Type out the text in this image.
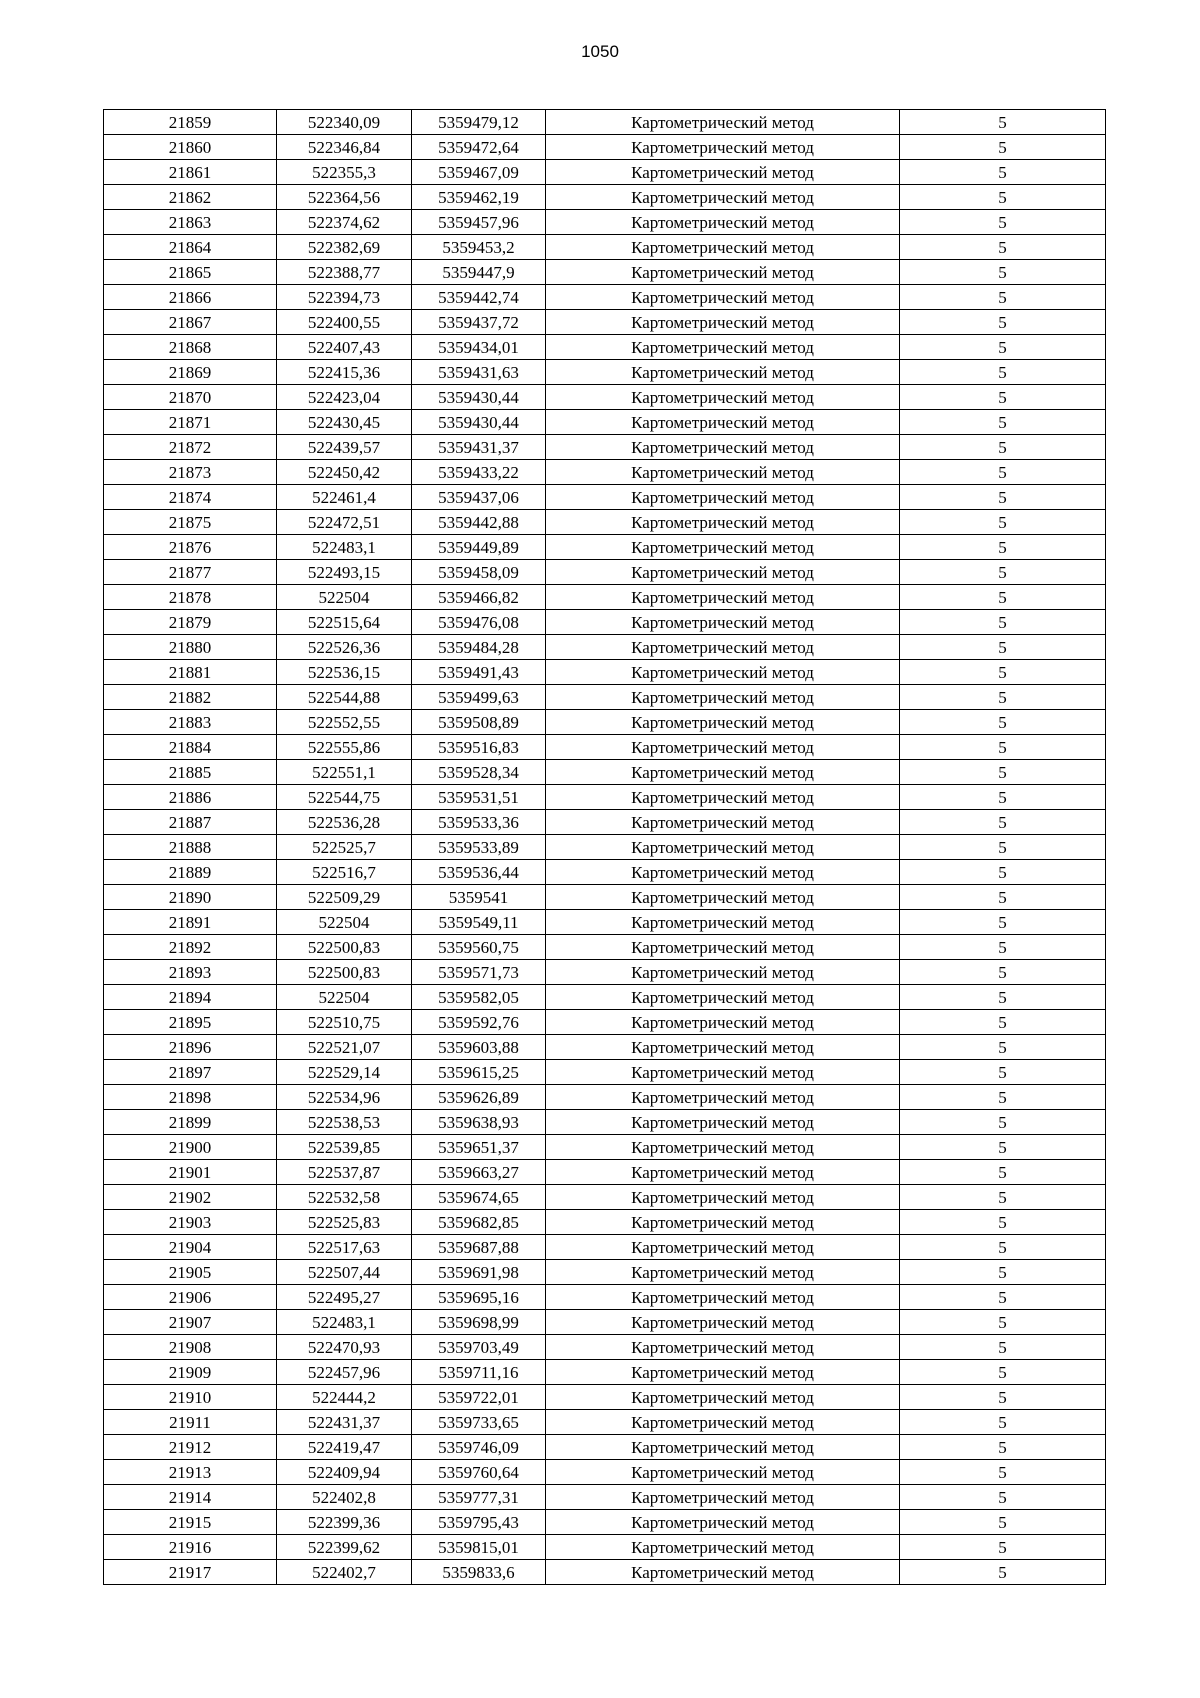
1050
21859	522340,09	5359479,12	Картометрический метод	5
21860	522346,84	5359472,64	Картометрический метод	5
21861	522355,3	5359467,09	Картометрический метод	5
21862	522364,56	5359462,19	Картометрический метод	5
21863	522374,62	5359457,96	Картометрический метод	5
21864	522382,69	5359453,2	Картометрический метод	5
21865	522388,77	5359447,9	Картометрический метод	5
21866	522394,73	5359442,74	Картометрический метод	5
21867	522400,55	5359437,72	Картометрический метод	5
21868	522407,43	5359434,01	Картометрический метод	5
21869	522415,36	5359431,63	Картометрический метод	5
21870	522423,04	5359430,44	Картометрический метод	5
21871	522430,45	5359430,44	Картометрический метод	5
21872	522439,57	5359431,37	Картометрический метод	5
21873	522450,42	5359433,22	Картометрический метод	5
21874	522461,4	5359437,06	Картометрический метод	5
21875	522472,51	5359442,88	Картометрический метод	5
21876	522483,1	5359449,89	Картометрический метод	5
21877	522493,15	5359458,09	Картометрический метод	5
21878	522504	5359466,82	Картометрический метод	5
21879	522515,64	5359476,08	Картометрический метод	5
21880	522526,36	5359484,28	Картометрический метод	5
21881	522536,15	5359491,43	Картометрический метод	5
21882	522544,88	5359499,63	Картометрический метод	5
21883	522552,55	5359508,89	Картометрический метод	5
21884	522555,86	5359516,83	Картометрический метод	5
21885	522551,1	5359528,34	Картометрический метод	5
21886	522544,75	5359531,51	Картометрический метод	5
21887	522536,28	5359533,36	Картометрический метод	5
21888	522525,7	5359533,89	Картометрический метод	5
21889	522516,7	5359536,44	Картометрический метод	5
21890	522509,29	5359541	Картометрический метод	5
21891	522504	5359549,11	Картометрический метод	5
21892	522500,83	5359560,75	Картометрический метод	5
21893	522500,83	5359571,73	Картометрический метод	5
21894	522504	5359582,05	Картометрический метод	5
21895	522510,75	5359592,76	Картометрический метод	5
21896	522521,07	5359603,88	Картометрический метод	5
21897	522529,14	5359615,25	Картометрический метод	5
21898	522534,96	5359626,89	Картометрический метод	5
21899	522538,53	5359638,93	Картометрический метод	5
21900	522539,85	5359651,37	Картометрический метод	5
21901	522537,87	5359663,27	Картометрический метод	5
21902	522532,58	5359674,65	Картометрический метод	5
21903	522525,83	5359682,85	Картометрический метод	5
21904	522517,63	5359687,88	Картометрический метод	5
21905	522507,44	5359691,98	Картометрический метод	5
21906	522495,27	5359695,16	Картометрический метод	5
21907	522483,1	5359698,99	Картометрический метод	5
21908	522470,93	5359703,49	Картометрический метод	5
21909	522457,96	5359711,16	Картометрический метод	5
21910	522444,2	5359722,01	Картометрический метод	5
21911	522431,37	5359733,65	Картометрический метод	5
21912	522419,47	5359746,09	Картометрический метод	5
21913	522409,94	5359760,64	Картометрический метод	5
21914	522402,8	5359777,31	Картометрический метод	5
21915	522399,36	5359795,43	Картометрический метод	5
21916	522399,62	5359815,01	Картометрический метод	5
21917	522402,7	5359833,6	Картометрический метод	5
